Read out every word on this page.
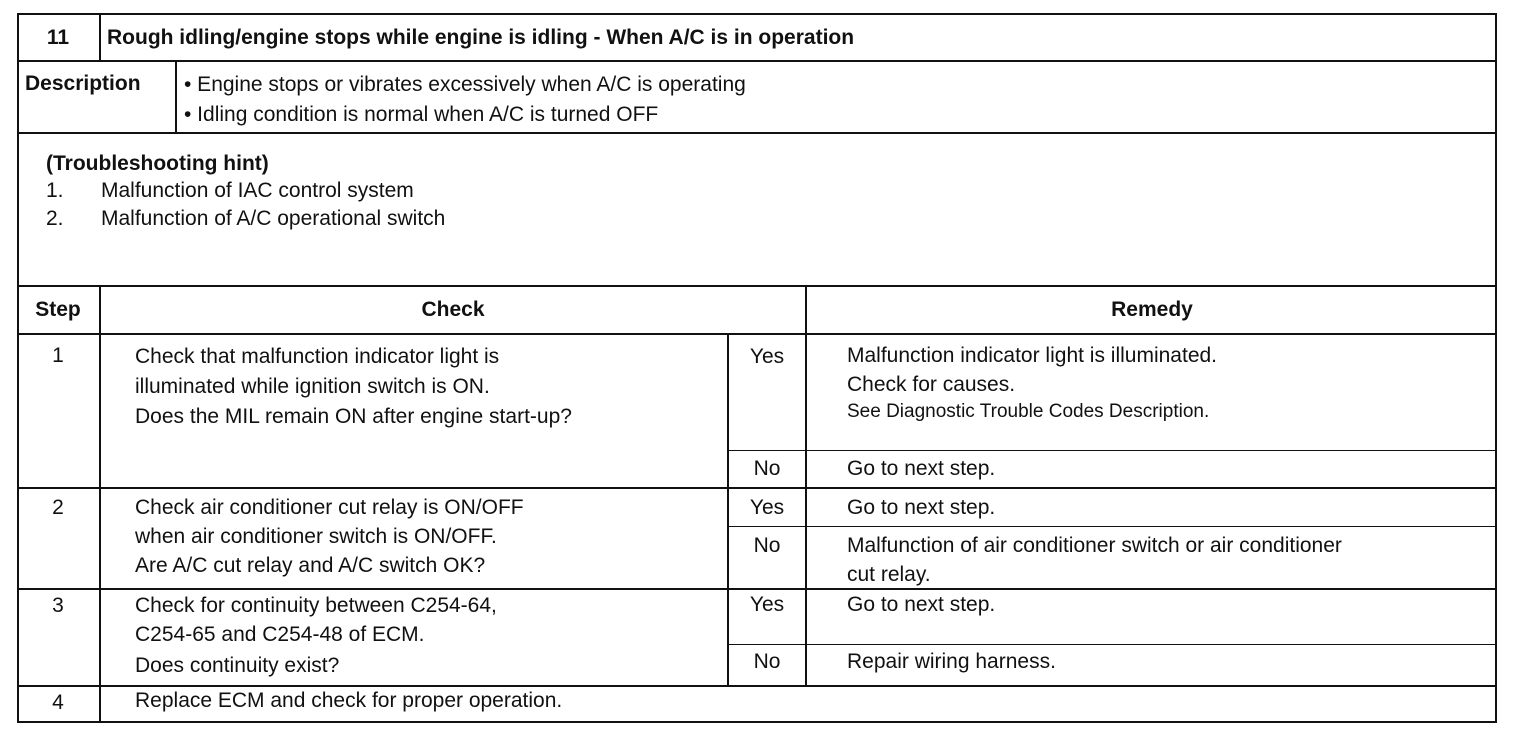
11	Rough idling/engine stops while engine is idling - When A/C is in operation
Description • Engine stops or vibrates excessively when A/C is operating
• Idling condition is normal when A/C is turned OFF
(Troubleshooting hint)
1. Malfunction of IAC control system
2. Malfunction of A/C operational switch
Step	Check	Remedy
1	Check that malfunction indicator light is
illuminated while ignition switch is ON.
Does the MIL remain ON after engine start-up?
Yes	Malfunction indicator light is illuminated.
Check for causes.
See Diagnostic Trouble Codes Description.
No	Go to next step.
2	Check air conditioner cut relay is ON/OFF
when air conditioner switch is ON/OFF.
Are A/C cut relay and A/C switch OK?
Yes	Go to next step.
No	Malfunction of air conditioner switch or air conditioner
cut relay.
3	Check for continuity between C254-64,
C254-65 and C254-48 of ECM.
Does continuity exist?
Yes	Go to next step.
No	Repair wiring harness.
4	Replace ECM and check for proper operation.
